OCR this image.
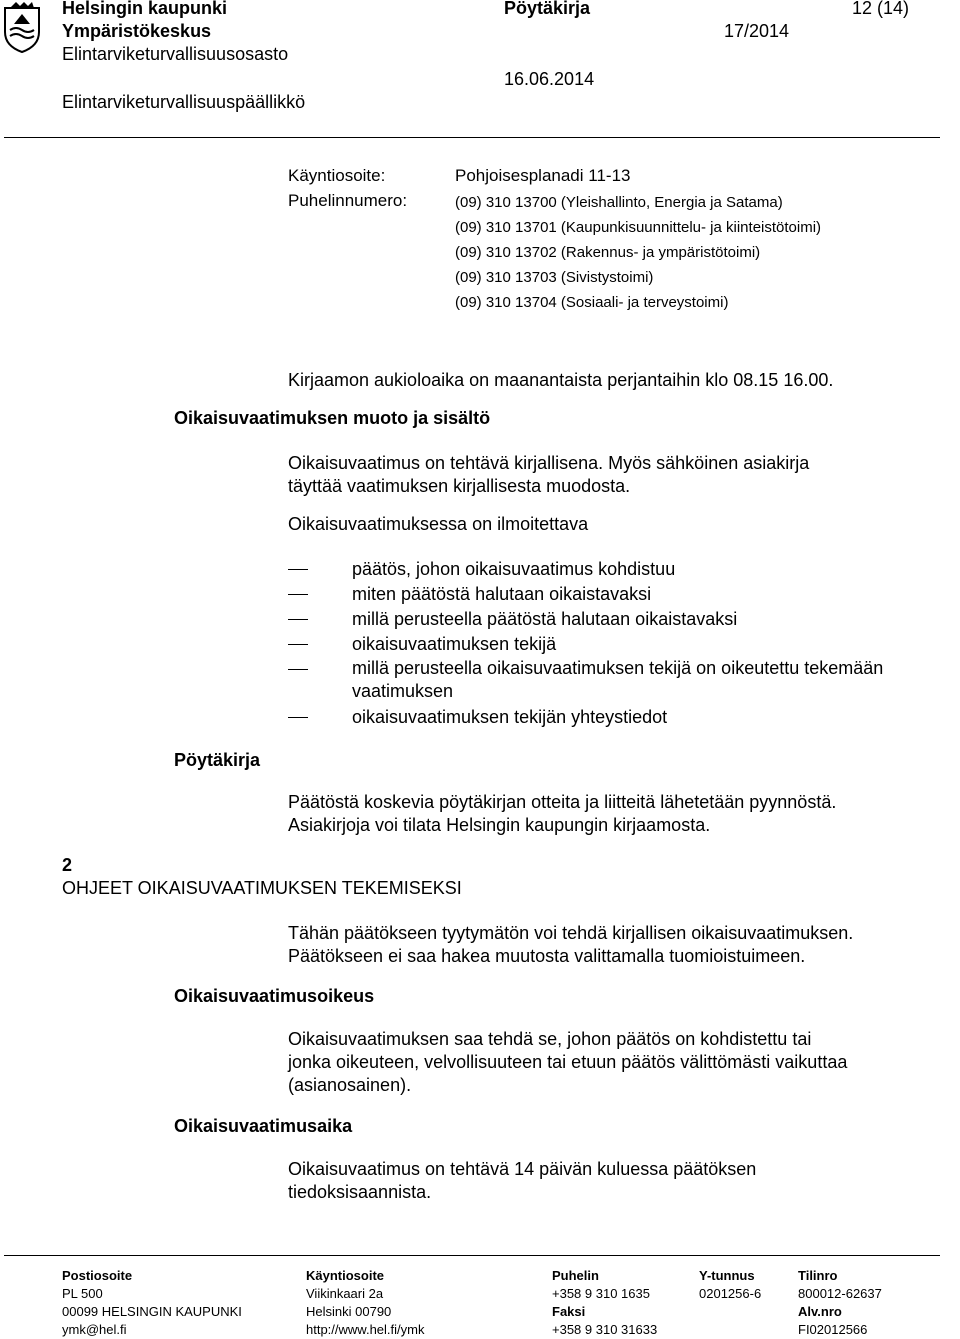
Helsingin kaupunki
Ympäristökeskus
Elintarviketurvallisuusosasto
Elintarviketurvallisuuspäällikkö
Pöytäkirja
17/2014
16.06.2014
12 (14)
Käyntiosoite:	Pohjoisesplanadi 11-13
Puhelinnumero:	(09) 310 13700 (Yleishallinto, Energia ja Satama)
(09) 310 13701 (Kaupunkisuunnittelu- ja kiinteistötoimi)
(09) 310 13702 (Rakennus- ja ympäristötoimi)
(09) 310 13703 (Sivistystoimi)
(09) 310 13704 (Sosiaali- ja terveystoimi)
Kirjaamon aukioloaika on maanantaista perjantaihin klo 08.15 16.00.
Oikaisuvaatimuksen muoto ja sisältö
Oikaisuvaatimus on tehtävä kirjallisena. Myös sähköinen asiakirja
täyttää vaatimuksen kirjallisesta muodosta.
Oikaisuvaatimuksessa on ilmoitettava
päätös, johon oikaisuvaatimus kohdistuu
miten päätöstä halutaan oikaistavaksi
millä perusteella päätöstä halutaan oikaistavaksi
oikaisuvaatimuksen tekijä
millä perusteella oikaisuvaatimuksen tekijä on oikeutettu tekemään vaatimuksen
oikaisuvaatimuksen tekijän yhteystiedot
Pöytäkirja
Päätöstä koskevia pöytäkirjan otteita ja liitteitä lähetetään pyynnöstä.
Asiakirjoja voi tilata Helsingin kaupungin kirjaamosta.
2
OHJEET OIKAISUVAATIMUKSEN TEKEMISEKSI
Tähän päätökseen tyytymätön voi tehdä kirjallisen oikaisuvaatimuksen.
Päätökseen ei saa hakea muutosta valittamalla tuomioistuimeen.
Oikaisuvaatimusoikeus
Oikaisuvaatimuksen saa tehdä se, johon päätös on kohdistettu tai
jonka oikeuteen, velvollisuuteen tai etuun päätös välittömästi vaikuttaa
(asianosainen).
Oikaisuvaatimusaika
Oikaisuvaatimus on tehtävä 14 päivän kuluessa päätöksen
tiedoksisaannista.
Postiosoite
PL 500
00099 HELSINGIN KAUPUNKI
ymk@hel.fi
Käyntiosoite
Viikinkaari 2a
Helsinki 00790
http://www.hel.fi/ymk
Puhelin
+358 9 310 1635
Faksi
+358 9 310 31633
Y-tunnus
0201256-6
Tilinro
800012-62637
Alv.nro
FI02012566
